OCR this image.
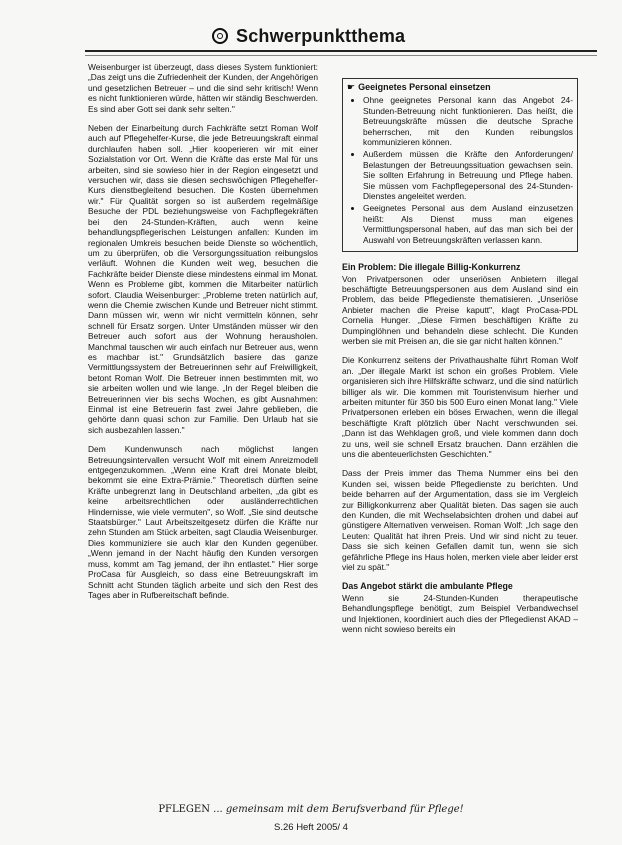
Schwerpunktthema

Weisenburger ist überzeugt, dass dieses System funktioniert: „Das zeigt uns die Zufriedenheit der Kunden, der Angehörigen und gesetzlichen Betreuer – und die sind sehr kritisch! Wenn es nicht funktionieren würde, hätten wir ständig Beschwerden. Es sind aber Gott sei dank sehr selten."

Neben der Einarbeitung durch Fachkräfte setzt Roman Wolf auch auf Pflegehelfer-Kurse, die jede Betreuungskraft einmal durchlaufen haben soll. „Hier kooperieren wir mit einer Sozialstation vor Ort. Wenn die Kräfte das erste Mal für uns arbeiten, sind sie sowieso hier in der Region eingesetzt und versuchen wir, dass sie diesen sechswöchigen Pflegehelfer-Kurs dienstbegleitend besuchen. Die Kosten übernehmen wir." Für Qualität sorgen so ist außerdem regelmäßige Besuche der PDL beziehungsweise von Fachpflegekräften bei den 24-Stunden-Kräften, auch wenn keine behandlungspflegerischen Leistungen anfallen: Kunden im regionalen Umkreis besuchen beide Dienste so wöchentlich, um zu überprüfen, ob die Versorgungssituation reibungslos verläuft. Wohnen die Kunden weit weg, besuchen die Fachkräfte beider Dienste diese mindestens einmal im Monat. Wenn es Probleme gibt, kommen die Mitarbeiter natürlich sofort. Claudia Weisenburger: „Probleme treten natürlich auf, wenn die Chemie zwischen Kunde und Betreuer nicht stimmt. Dann müssen wir, wenn wir nicht vermitteln können, sehr schnell für Ersatz sorgen. Unter Umständen müsser wir den Betreuer auch sofort aus der Wohnung herausholen. Manchmal tauschen wir auch einfach nur Betreuer aus, wenn es machbar ist." Grundsätzlich basiere das ganze Vermittlungssystem der Betreuerinnen sehr auf Freiwilligkeit, betont Roman Wolf. Die Betreuer innen bestimmten mit, wo sie arbeiten wollen und wie lange. „In der Regel bleiben die Betreuerinnen vier bis sechs Wochen, es gibt Ausnahmen: Einmal ist eine Betreuerin fast zwei Jahre geblieben, die gehörte dann quasi schon zur Familie. Den Urlaub hat sie sich ausbezahlen lassen."

Dem Kundenwunsch nach möglichst langen Betreuungsintervallen versucht Wolf mit einem Anreizmodell entgegenzukommen. „Wenn eine Kraft drei Monate bleibt, bekommt sie eine Extra-Prämie." Theoretisch dürften seine Kräfte unbegrenzt lang in Deutschland arbeiten, „da gibt es keine arbeitsrechtlichen oder ausländerrechtlichen Hindernisse, wie viele vermuten", so Wolf. „Sie sind deutsche Staatsbürger." Laut Arbeitszeitgesetz dürfen die Kräfte nur zehn Stunden am Stück arbeiten, sagt Claudia Weisenburger. Dies kommuniziere sie auch klar den Kunden gegenüber. „Wenn jemand in der Nacht häufig den Kunden versorgen muss, kommt am Tag jemand, der ihn entlastet." Hier sorge ProCasa für Ausgleich, so dass eine Betreuungskraft im Schnitt acht Stunden täglich arbeite und sich den Rest des Tages aber in Rufbereitschaft befinde.

☛ Geeignetes Personal einsetzen
• Ohne geeignetes Personal kann das Angebot 24-Stunden-Betreuung nicht funktionieren. Das heißt, die Betreuungskräfte müssen die deutsche Sprache beherrschen, mit den Kunden reibungslos kommunizieren können.
• Außerdem müssen die Kräfte den Anforderungen/ Belastungen der Betreuungssituation gewachsen sein. Sie sollten Erfahrung in Betreuung und Pflege haben. Sie müssen vom Fachpflegepersonal des 24-Stunden-Dienstes angeleitet werden.
• Geeignetes Personal aus dem Ausland einzusetzen heißt: Als Dienst muss man eigenes Vermittlungspersonal haben, auf das man sich bei der Auswahl von Betreuungskräften verlassen kann.
Ein Problem: Die illegale Billig-Konkurrenz

Von Privatpersonen oder unseriösen Anbietern illegal beschäftigte Betreuungspersonen aus dem Ausland sind ein Problem, das beide Pflegedienste thematisieren. „Unseriöse Anbieter machen die Preise kaputt", klagt ProCasa-PDL Cornelia Hunger. „Diese Firmen beschäftigen Kräfte zu Dumpinglöhnen und behandeln diese schlecht. Die Kunden werben sie mit Preisen an, die sie gar nicht halten können."

Die Konkurrenz seitens der Privathaushalte führt Roman Wolf an. „Der illegale Markt ist schon ein großes Problem. Viele organisieren sich ihre Hilfskräfte schwarz, und die sind natürlich billiger als wir. Die kommen mit Touristenvisum hierher und arbeiten mitunter für 350 bis 500 Euro einen Monat lang." Viele Privatpersonen erleben ein böses Erwachen, wenn die illegal beschäftigte Kraft plötzlich über Nacht verschwunden sei. „Dann ist das Wehklagen groß, und viele kommen dann doch zu uns, weil sie schnell Ersatz brauchen. Dann erzählen die uns die abenteuerlichsten Geschichten."

Dass der Preis immer das Thema Nummer eins bei den Kunden sei, wissen beide Pflegedienste zu berichten. Und beide beharren auf der Argumentation, dass sie im Vergleich zur Billigkonkurrenz aber Qualität bieten. Das sagen sie auch den Kunden, die mit Wechselabsichten drohen und dabei auf günstigere Alternativen verweisen. Roman Wolf: „Ich sage den Leuten: Qualität hat ihren Preis. Und wir sind nicht zu teuer. Dass sie sich keinen Gefallen damit tun, wenn sie sich gefährliche Pflege ins Haus holen, merken viele aber leider erst viel zu spät."

Das Angebot stärkt die ambulante Pflege

Wenn sie 24-Stunden-Kunden therapeutische Behandlungspflege benötigt, zum Beispiel Verbandwechsel und Injektionen, koordiniert auch dies der Pflegedienst AKAD – wenn nicht sowieso bereits ein

PFLEGEN ... gemeinsam mit dem Berufsverband für Pflege!
S.26 Heft 2005/ 4
